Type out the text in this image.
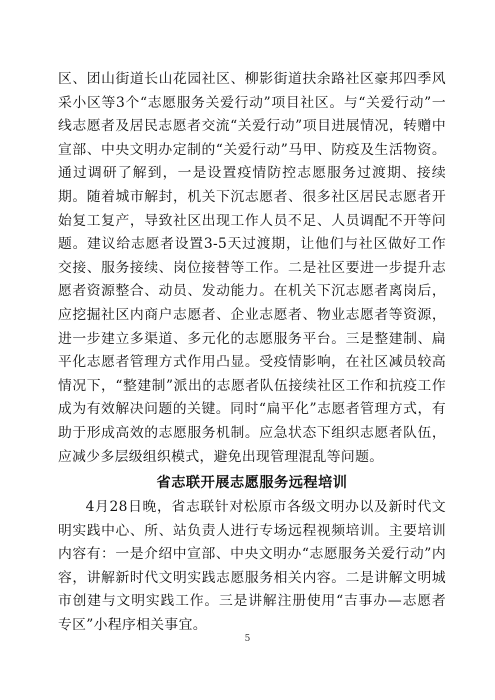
区、团山街道长山花园社区、柳影街道扶余路社区豪邦四季风采小区等3个“志愿服务关爱行动”项目社区。与“关爱行动”一线志愿者及居民志愿者交流“关爱行动”项目进展情况，转赠中宣部、中央文明办定制的“关爱行动”马甲、防疫及生活物资。通过调研了解到，一是设置疫情防控志愿服务过渡期、接续期。随着城市解封，机关下沉志愿者、很多社区居民志愿者开始复工复产，导致社区出现工作人员不足、人员调配不开等问题。建议给志愿者设置3-5天过渡期，让他们与社区做好工作交接、服务接续、岗位接替等工作。二是社区要进一步提升志愿者资源整合、动员、发动能力。在机关下沉志愿者离岗后，应挖掘社区内商户志愿者、企业志愿者、物业志愿者等资源，进一步建立多渠道、多元化的志愿服务平台。三是整建制、扁平化志愿者管理方式作用凸显。受疫情影响，在社区减员较高情况下，“整建制”派出的志愿者队伍接续社区工作和抗疫工作成为有效解决问题的关键。同时“扁平化”志愿者管理方式，有助于形成高效的志愿服务机制。应急状态下组织志愿者队伍，应减少多层级组织模式，避免出现管理混乱等问题。

省志联开展志愿服务远程培训

4月28日晚，省志联针对松原市各级文明办以及新时代文明实践中心、所、站负责人进行专场远程视频培训。主要培训内容有：一是介绍中宣部、中央文明办“志愿服务关爱行动”内容，讲解新时代文明实践志愿服务相关内容。二是讲解文明城市创建与文明实践工作。三是讲解注册使用“吉事办—志愿者专区”小程序相关事宜。

5
